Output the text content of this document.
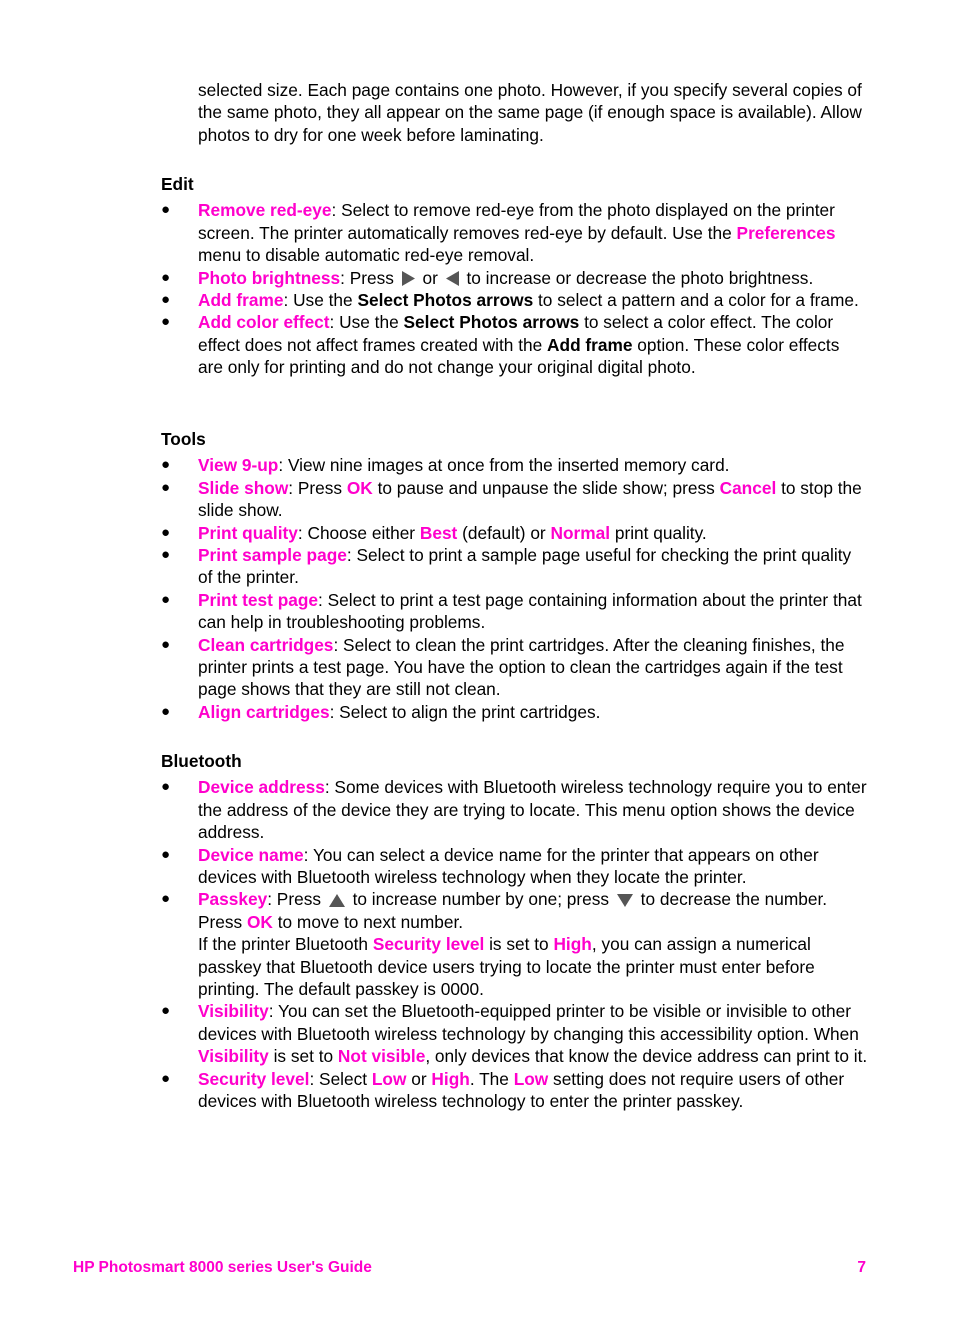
selected size. Each page contains one photo. However, if you specify several copies of the same photo, they all appear on the same page (if enough space is available). Allow photos to dry for one week before laminating.
Edit
●	Remove red-eye: Select to remove red-eye from the photo displayed on the printer screen. The printer automatically removes red-eye by default. Use the Preferences menu to disable automatic red-eye removal.
●	Photo brightness: Press  or  to increase or decrease the photo brightness.
●	Add frame: Use the Select Photos arrows to select a pattern and a color for a frame.
●	Add color effect: Use the Select Photos arrows to select a color effect. The color effect does not affect frames created with the Add frame option. These color effects are only for printing and do not change your original digital photo.
Tools
●	View 9-up: View nine images at once from the inserted memory card.
●	Slide show: Press OK to pause and unpause the slide show; press Cancel to stop the slide show.
●	Print quality: Choose either Best (default) or Normal print quality.
●	Print sample page: Select to print a sample page useful for checking the print quality of the printer.
●	Print test page: Select to print a test page containing information about the printer that can help in troubleshooting problems.
●	Clean cartridges: Select to clean the print cartridges. After the cleaning finishes, the printer prints a test page. You have the option to clean the cartridges again if the test page shows that they are still not clean.
●	Align cartridges: Select to align the print cartridges.
Bluetooth
●	Device address: Some devices with Bluetooth wireless technology require you to enter the address of the device they are trying to locate. This menu option shows the device address.
●	Device name: You can select a device name for the printer that appears on other devices with Bluetooth wireless technology when they locate the printer.
●	Passkey: Press  to increase number by one; press  to decrease the number. Press OK to move to next number.
If the printer Bluetooth Security level is set to High, you can assign a numerical passkey that Bluetooth device users trying to locate the printer must enter before printing. The default passkey is 0000.
●	Visibility: You can set the Bluetooth-equipped printer to be visible or invisible to other devices with Bluetooth wireless technology by changing this accessibility option. When Visibility is set to Not visible, only devices that know the device address can print to it.
●	Security level: Select Low or High. The Low setting does not require users of other devices with Bluetooth wireless technology to enter the printer passkey.
HP Photosmart 8000 series User's Guide	7
